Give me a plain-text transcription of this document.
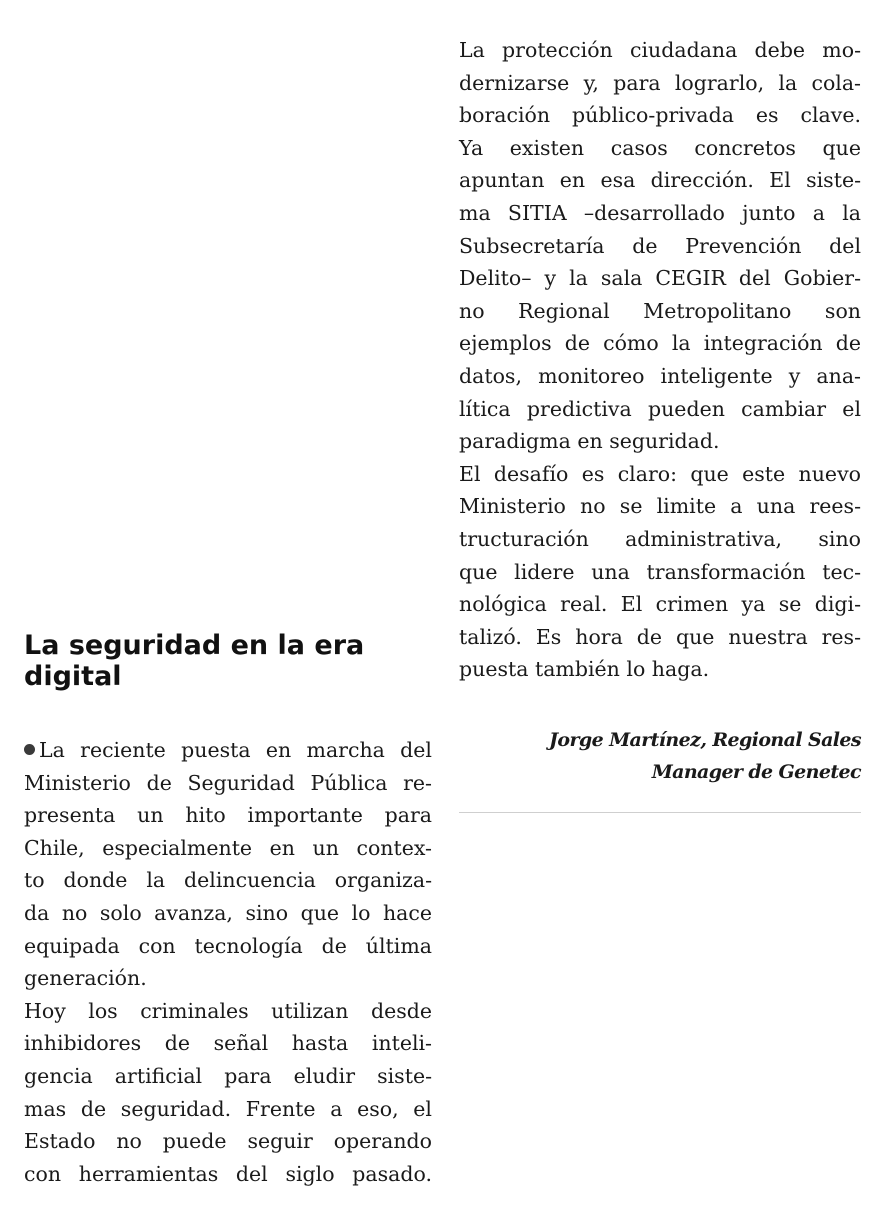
La protección ciudadana debe mo-
dernizarse y, para lograrlo, la cola-
boración público-privada es clave.
Ya existen casos concretos que
apuntan en esa dirección. El siste-
ma SITIA –desarrollado junto a la
Subsecretaría de Prevención del
Delito– y la sala CEGIR del Gobier-
no Regional Metropolitano son
ejemplos de cómo la integración de
datos, monitoreo inteligente y ana-
lítica predictiva pueden cambiar el
paradigma en seguridad.
El desafío es claro: que este nuevo
Ministerio no se limite a una rees-
tructuración administrativa, sino
que lidere una transformación tec-
nológica real. El crimen ya se digi-
talizó. Es hora de que nuestra res-
puesta también lo haga.
Jorge Martínez, Regional Sales
Manager de Genetec
La seguridad en la era
digital
La reciente puesta en marcha del
Ministerio de Seguridad Pública re-
presenta un hito importante para
Chile, especialmente en un contex-
to donde la delincuencia organiza-
da no solo avanza, sino que lo hace
equipada con tecnología de última
generación.
Hoy los criminales utilizan desde
inhibidores de señal hasta inteli-
gencia artificial para eludir siste-
mas de seguridad. Frente a eso, el
Estado no puede seguir operando
con herramientas del siglo pasado.
